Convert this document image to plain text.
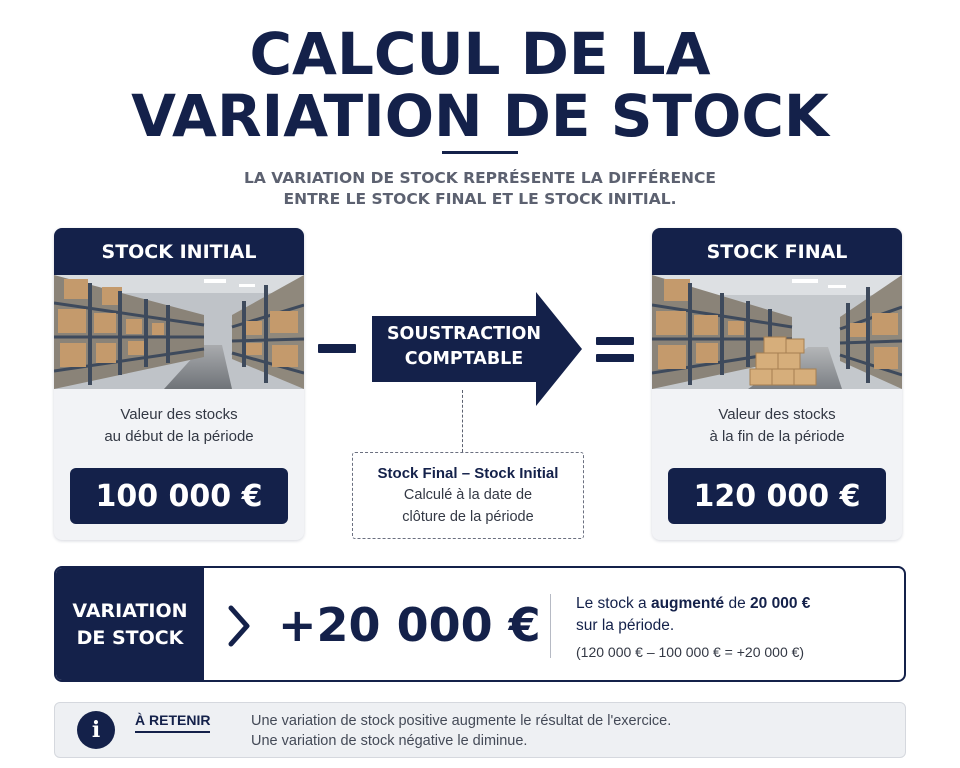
CALCUL DE LA
VARIATION DE STOCK
LA VARIATION DE STOCK REPRÉSENTE LA DIFFÉRENCE
ENTRE LE STOCK FINAL ET LE STOCK INITIAL.
STOCK INITIAL
Valeur des stocks
au début de la période
100 000 €
SOUSTRACTION
COMPTABLE
Stock Final – Stock Initial
Calculé à la date de
clôture de la période
STOCK FINAL
Valeur des stocks
à la fin de la période
120 000 €
VARIATION
DE STOCK	+20 000 € Le stock a augmenté de 20 000 €
sur la période.
(120 000 € – 100 000 € = +20 000 €)
i	À RETENIR	Une variation de stock positive augmente le résultat de l'exercice.
Une variation de stock négative le diminue.
